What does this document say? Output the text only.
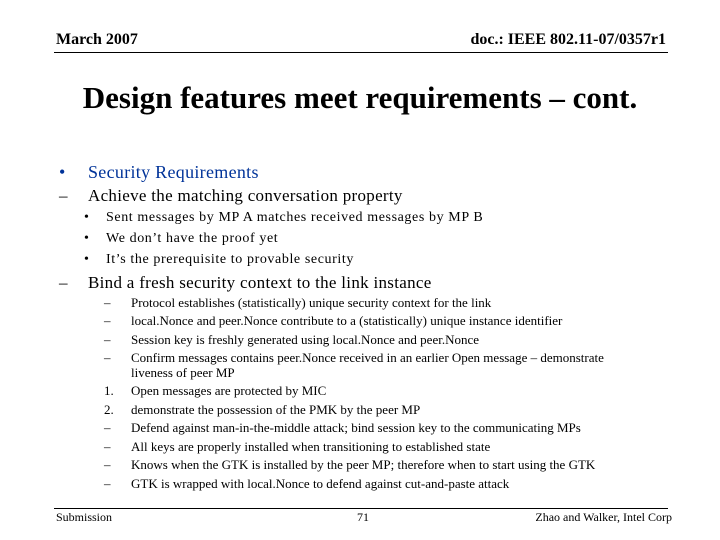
March 2007	doc.: IEEE 802.11-07/0357r1
Design features meet requirements – cont.
• Security Requirements
– Achieve the matching conversation property
• Sent messages by MP A matches received messages by MP B
• We don’t have the proof yet
• It’s the prerequisite to provable security
– Bind a fresh security context to the link instance
– Protocol establishes (statistically) unique security context for the link
– local.Nonce and peer.Nonce contribute to a (statistically) unique instance identifier
– Session key is freshly generated using local.Nonce and peer.Nonce
– Confirm messages contains peer.Nonce received in an earlier Open message – demonstrate
liveness of peer MP
1. Open messages are protected by MIC
2. demonstrate the possession of the PMK by the peer MP
– Defend against man-in-the-middle attack; bind session key to the communicating MPs
– All keys are properly installed when transitioning to established state
– Knows when the GTK is installed by the peer MP; therefore when to start using the GTK
– GTK is wrapped with local.Nonce to defend against cut-and-paste attack
Submission	71	Zhao and Walker, Intel Corp
